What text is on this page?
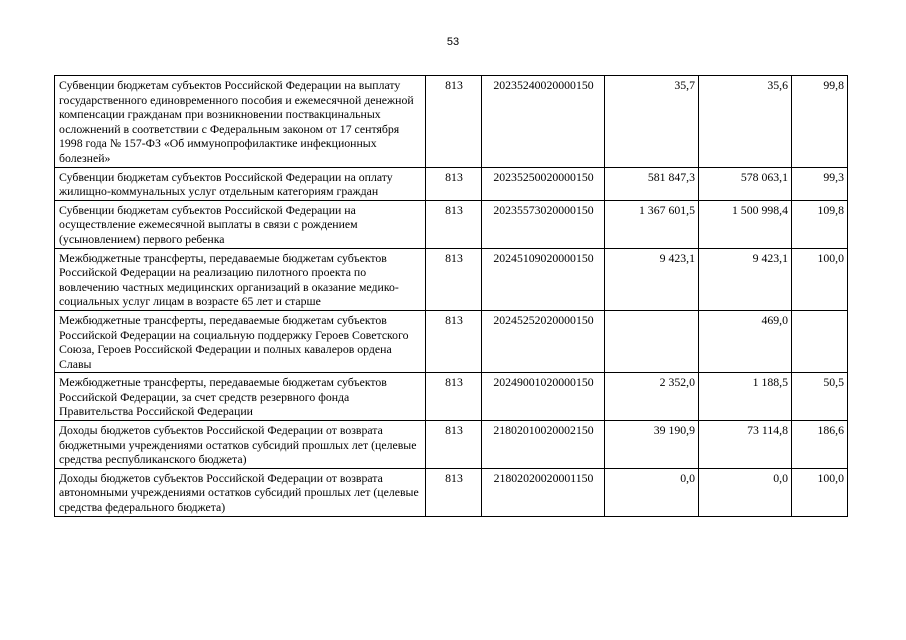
53
Субвенции бюджетам субъектов Российской Федерации на выплату государственного единовременного пособия и ежемесячной денежной компенсации гражданам при возникновении поствакцинальных осложнений в соответствии с Федеральным законом от 17 сентября 1998 года № 157-ФЗ «Об иммунопрофилактике инфекционных болезней»	813	20235240020000150	35,7	35,6	99,8
Субвенции бюджетам субъектов Российской Федерации на оплату жилищно-коммунальных услуг отдельным категориям граждан	813	20235250020000150	581 847,3	578 063,1	99,3
Субвенции бюджетам субъектов Российской Федерации на осуществление ежемесячной выплаты в связи с рождением (усыновлением) первого ребенка	813	20235573020000150	1 367 601,5	1 500 998,4	109,8
Межбюджетные трансферты, передаваемые бюджетам субъектов Российской Федерации на реализацию пилотного проекта по вовлечению частных медицинских организаций в оказание медико-социальных услуг лицам в возрасте 65 лет и старше	813	20245109020000150	9 423,1	9 423,1	100,0
Межбюджетные трансферты, передаваемые бюджетам субъектов Российской Федерации на социальную поддержку Героев Советского Союза, Героев Российской Федерации и полных кавалеров ордена Славы	813	20245252020000150		469,0	
Межбюджетные трансферты, передаваемые бюджетам субъектов Российской Федерации, за счет средств резервного фонда Правительства Российской Федерации	813	20249001020000150	2 352,0	1 188,5	50,5
Доходы бюджетов субъектов Российской Федерации от возврата бюджетными учреждениями остатков субсидий прошлых лет (целевые средства республиканского бюджета)	813	21802010020002150	39 190,9	73 114,8	186,6
Доходы бюджетов субъектов Российской Федерации от возврата автономными учреждениями остатков субсидий прошлых лет (целевые средства федерального бюджета)	813	21802020020001150	0,0	0,0	100,0
